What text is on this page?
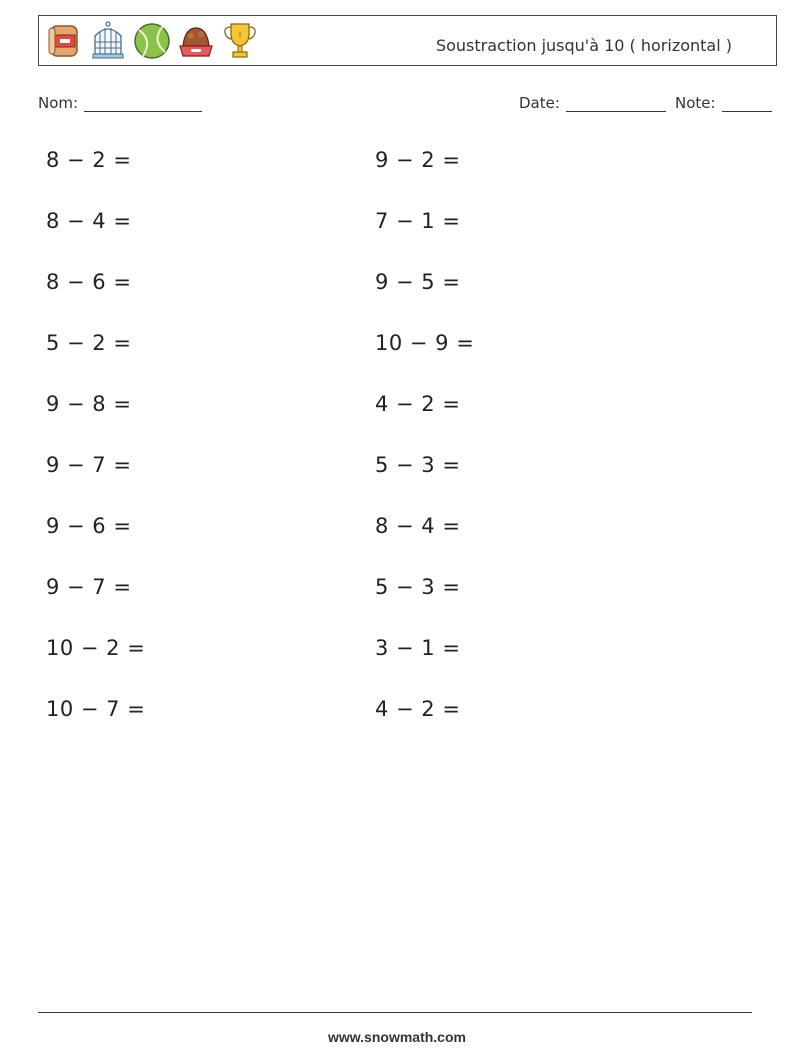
!	Soustraction jusqu'à 10 ( horizontal )
Nom:	Date:	Note:
8 − 2 =
8 − 4 =
8 − 6 =
5 − 2 =
9 − 8 =
9 − 7 =
9 − 6 =
9 − 7 =
10 − 2 =
10 − 7 =
9 − 2 =
7 − 1 =
9 − 5 =
10 − 9 =
4 − 2 =
5 − 3 =
8 − 4 =
5 − 3 =
3 − 1 =
4 − 2 =
www.snowmath.com
